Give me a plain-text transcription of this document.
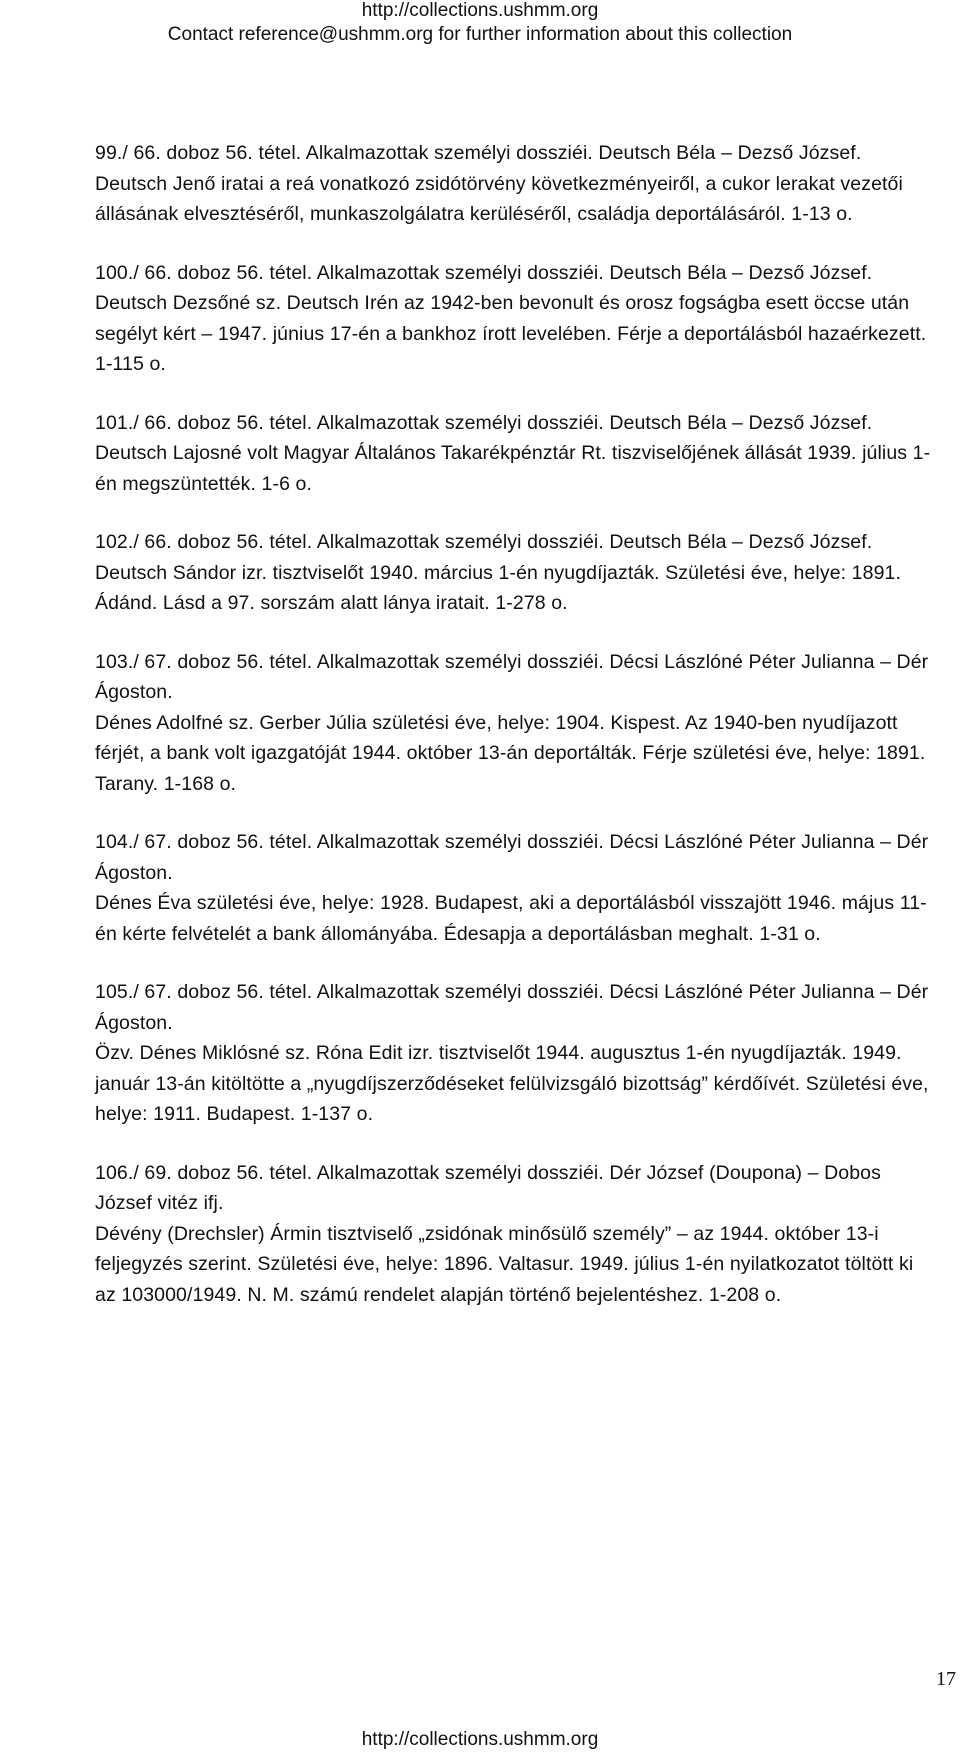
http://collections.ushmm.org
Contact reference@ushmm.org for further information about this collection

99./ 66. doboz 56. tétel. Alkalmazottak személyi dossziéi. Deutsch Béla – Dezső József.

Deutsch Jenő iratai a reá vonatkozó zsidótörvény következményeiről, a cukor lerakat vezetői állásának elvesztéséről, munkaszolgálatra kerüléséről, családja deportálásáról. 1-13 o.

100./ 66. doboz 56. tétel. Alkalmazottak személyi dossziéi. Deutsch Béla – Dezső József.

Deutsch Dezsőné sz. Deutsch Irén az 1942-ben bevonult és orosz fogságba esett öccse után segélyt kért – 1947. június 17-én a bankhoz írott levelében. Férje a deportálásból hazaérkezett. 1-115 o.

101./ 66. doboz 56. tétel. Alkalmazottak személyi dossziéi. Deutsch Béla – Dezső József.

Deutsch Lajosné volt Magyar Általános Takarékpénztár Rt. tiszviselőjének állását 1939. július 1-én megszüntették. 1-6 o.

102./ 66. doboz 56. tétel. Alkalmazottak személyi dossziéi. Deutsch Béla – Dezső József.

Deutsch Sándor izr. tisztviselőt 1940. március 1-én nyugdíjazták. Születési éve, helye: 1891. Ádánd. Lásd a 97. sorszám alatt lánya iratait. 1-278 o.

103./ 67. doboz 56. tétel. Alkalmazottak személyi dossziéi. Décsi Lászlóné Péter Julianna – Dér Ágoston.

Dénes Adolfné sz. Gerber Júlia születési éve, helye: 1904. Kispest. Az 1940-ben nyudíjazott férjét, a bank volt igazgatóját 1944. október 13-án deportálták. Férje születési éve, helye: 1891. Tarany. 1-168 o.

104./ 67. doboz 56. tétel. Alkalmazottak személyi dossziéi. Décsi Lászlóné Péter Julianna – Dér Ágoston.

Dénes Éva születési éve, helye: 1928. Budapest, aki a deportálásból visszajött 1946. május 11-én kérte felvételét a bank állományába. Édesapja a deportálásban meghalt. 1-31 o.

105./ 67. doboz 56. tétel. Alkalmazottak személyi dossziéi. Décsi Lászlóné Péter Julianna – Dér Ágoston.

Özv. Dénes Miklósné sz. Róna Edit izr. tisztviselőt 1944. augusztus 1-én nyugdíjazták. 1949. január 13-án kitöltötte a „nyugdíjszerződéseket felülvizsgáló bizottság” kérdőívét. Születési éve, helye: 1911. Budapest. 1-137 o.

106./ 69. doboz 56. tétel. Alkalmazottak személyi dossziéi. Dér József (Doupona) – Dobos József vitéz ifj.

Dévény (Drechsler) Ármin tisztviselő „zsidónak minősülő személy” – az 1944. október 13-i feljegyzés szerint. Születési éve, helye: 1896. Valtasur. 1949. július 1-én nyilatkozatot töltött ki az 103000/1949. N. M. számú rendelet alapján történő bejelentéshez. 1-208 o.

17
http://collections.ushmm.org
